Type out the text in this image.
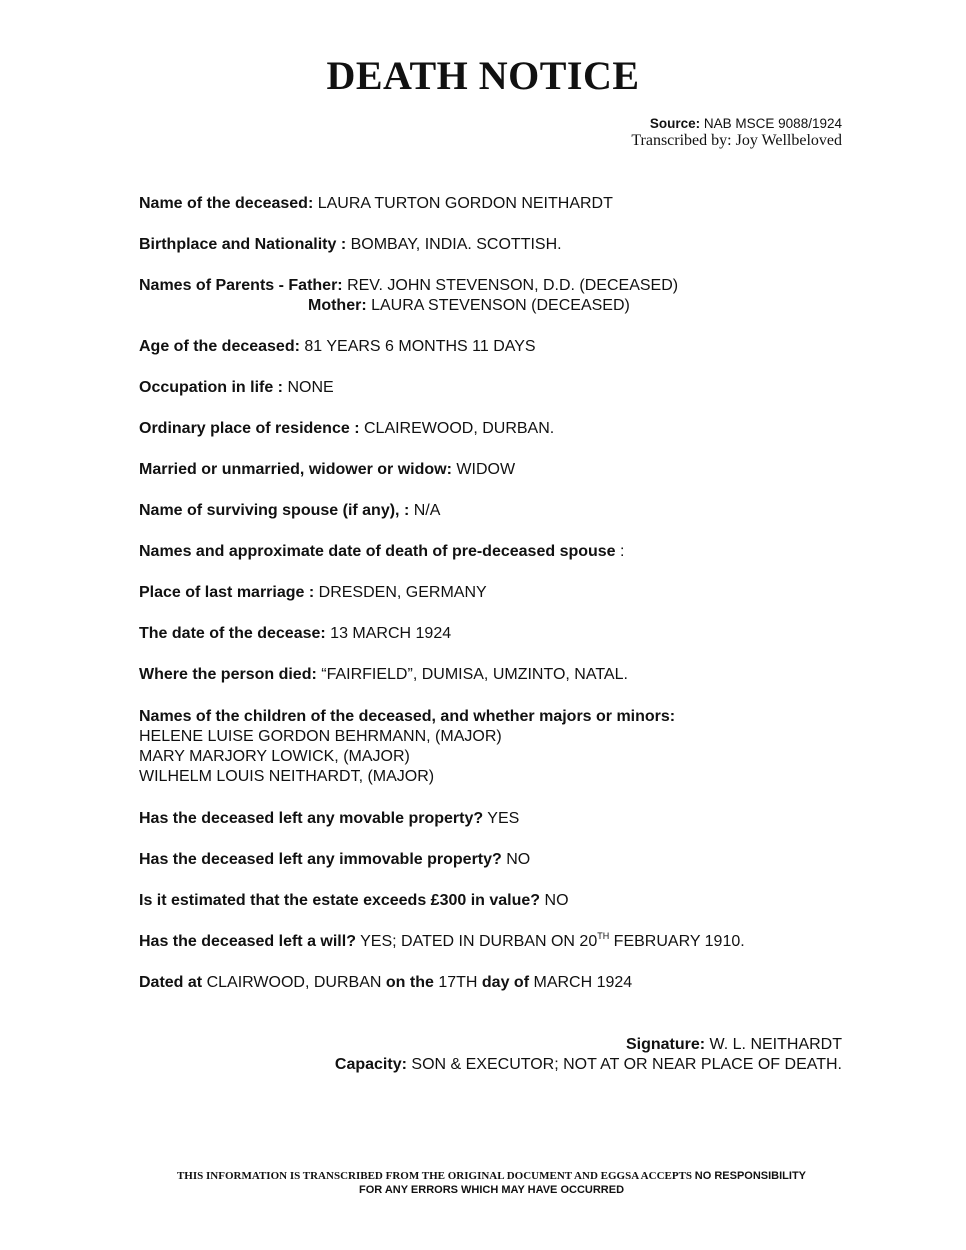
DEATH NOTICE
Source: NAB MSCE 9088/1924
Transcribed by: Joy Wellbeloved
Name of the deceased: LAURA TURTON GORDON NEITHARDT
Birthplace and Nationality : BOMBAY, INDIA. SCOTTISH.
Names of Parents - Father: REV. JOHN STEVENSON, D.D. (DECEASED)
Mother: LAURA STEVENSON (DECEASED)
Age of the deceased: 81 YEARS 6 MONTHS 11 DAYS
Occupation in life : NONE
Ordinary place of residence : CLAIREWOOD, DURBAN.
Married or unmarried, widower or widow: WIDOW
Name of surviving spouse (if any), : N/A
Names and approximate date of death of pre-deceased spouse :
Place of last marriage : DRESDEN, GERMANY
The date of the decease: 13 MARCH 1924
Where the person died: “FAIRFIELD”, DUMISA, UMZINTO, NATAL.
Names of the children of the deceased, and whether majors or minors:
HELENE LUISE GORDON BEHRMANN, (MAJOR)
MARY MARJORY LOWICK, (MAJOR)
WILHELM LOUIS NEITHARDT, (MAJOR)
Has the deceased left any movable property? YES
Has the deceased left any immovable property? NO
Is it estimated that the estate exceeds £300 in value? NO
Has the deceased left a will? YES; DATED IN DURBAN ON 20TH FEBRUARY 1910.
Dated at CLAIRWOOD, DURBAN on the 17TH day of MARCH 1924
Signature: W. L. NEITHARDT
Capacity: SON & EXECUTOR; NOT AT OR NEAR PLACE OF DEATH.
THIS INFORMATION IS TRANSCRIBED FROM THE ORIGINAL DOCUMENT AND EGGSA ACCEPTS NO RESPONSIBILITY
FOR ANY ERRORS WHICH MAY HAVE OCCURRED
